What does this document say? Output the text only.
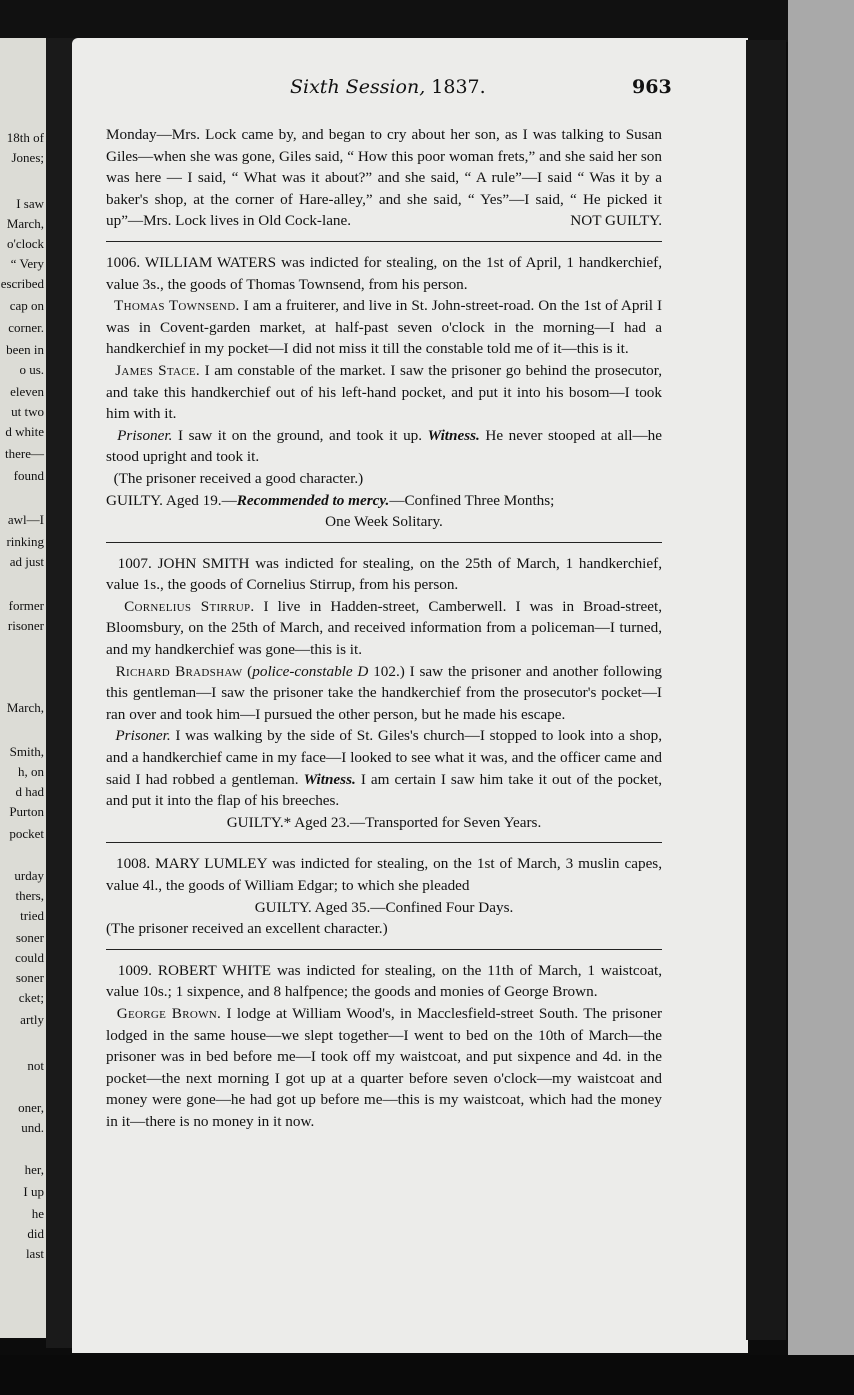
18th of
Jones;
I saw
March,
o'clock
“ Very
escribed
cap on
corner.
been in
o us.
eleven
ut two
d white
there—
found
awl—I
rinking
ad just
former
risoner
March,
Smith,
h, on
d had
Purton
pocket
urday
thers,
tried
soner
could
soner
cket;
artly
not
oner,
und.
her,
I up
he
did
last
Sixth Session, 1837.	963

Monday—Mrs. Lock came by, and began to cry about her son, as I was talking to Susan Giles—when she was gone, Giles said, “ How this poor woman frets,” and she said her son was here — I said, “ What was it about?” and she said, “ A rule”—I said “ Was it by a baker's shop, at the corner of Hare-alley,” and she said, “ Yes”—I said, “ He picked it up”—Mrs. Lock lives in Old Cock-lane.	NOT GUILTY.

1006. WILLIAM WATERS was indicted for stealing, on the 1st of April, 1 handkerchief, value 3s., the goods of Thomas Townsend, from his person.

Thomas Townsend. I am a fruiterer, and live in St. John-street-road. On the 1st of April I was in Covent-garden market, at half-past seven o'clock in the morning—I had a handkerchief in my pocket—I did not miss it till the constable told me of it—this is it.

James Stace. I am constable of the market. I saw the prisoner go behind the prosecutor, and take this handkerchief out of his left-hand pocket, and put it into his bosom—I took him with it.

Prisoner. I saw it on the ground, and took it up. Witness. He never stooped at all—he stood upright and took it.

(The prisoner received a good character.)

GUILTY. Aged 19.—Recommended to mercy.—Confined Three Months;

One Week Solitary.

1007. JOHN SMITH was indicted for stealing, on the 25th of March, 1 handkerchief, value 1s., the goods of Cornelius Stirrup, from his person.

Cornelius Stirrup. I live in Hadden-street, Camberwell. I was in Broad-street, Bloomsbury, on the 25th of March, and received information from a policeman—I turned, and my handkerchief was gone—this is it.

Richard Bradshaw (police-constable D 102.) I saw the prisoner and another following this gentleman—I saw the prisoner take the handkerchief from the prosecutor's pocket—I ran over and took him—I pursued the other person, but he made his escape.

Prisoner. I was walking by the side of St. Giles's church—I stopped to look into a shop, and a handkerchief came in my face—I looked to see what it was, and the officer came and said I had robbed a gentleman. Witness. I am certain I saw him take it out of the pocket, and put it into the flap of his breeches.

GUILTY.* Aged 23.—Transported for Seven Years.

1008. MARY LUMLEY was indicted for stealing, on the 1st of March, 3 muslin capes, value 4l., the goods of William Edgar; to which she pleaded

GUILTY. Aged 35.—Confined Four Days.

(The prisoner received an excellent character.)

1009. ROBERT WHITE was indicted for stealing, on the 11th of March, 1 waistcoat, value 10s.; 1 sixpence, and 8 halfpence; the goods and monies of George Brown.

George Brown. I lodge at William Wood's, in Macclesfield-street South. The prisoner lodged in the same house—we slept together—I went to bed on the 10th of March—the prisoner was in bed before me—I took off my waistcoat, and put sixpence and 4d. in the pocket—the next morning I got up at a quarter before seven o'clock—my waistcoat and money were gone—he had got up before me—this is my waistcoat, which had the money in it—there is no money in it now.
